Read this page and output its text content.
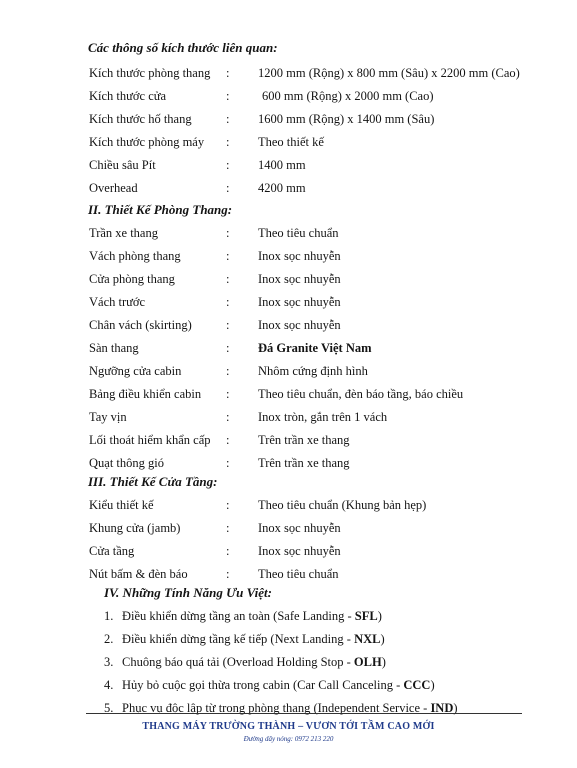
Các thông số kích thước liên quan:
Kích thước phòng thang : 1200 mm (Rộng) x 800 mm (Sâu) x 2200 mm (Cao)
Kích thước cửa	:	600 mm (Rộng) x 2000 mm (Cao)
Kích thước hố thang	: 1600 mm (Rộng) x 1400 mm (Sâu)
Kích thước phòng máy : Theo thiết kế
Chiều sâu Pít	: 1400 mm
Overhead	: 4200 mm
II. Thiết Kế Phòng Thang:
Trần xe thang	: Theo tiêu chuẩn
Vách phòng thang	: Inox sọc nhuyễn
Cửa phòng thang	: Inox sọc nhuyễn
Vách trước	: Inox sọc nhuyễn
Chân vách (skirting)	: Inox sọc nhuyễn
Sàn thang	: Đá Granite Việt Nam
Ngưỡng cửa cabin	: Nhôm cứng định hình
Bảng điều khiển cabin : Theo tiêu chuẩn, đèn báo tầng, báo chiều
Tay vịn	: Inox tròn, gắn trên 1 vách
Lối thoát hiểm khẩn cấp : Trên trần xe thang
Quạt thông gió	: Trên trần xe thang
III. Thiết Kế Cửa Tầng:
Kiểu thiết kế	: Theo tiêu chuẩn (Khung bản hẹp)
Khung cửa (jamb)	: Inox sọc nhuyễn
Cửa tầng	: Inox sọc nhuyễn
Nút bấm & đèn báo	: Theo tiêu chuẩn
IV. Những Tính Năng Ưu Việt:
1. Điều khiển dừng tầng an toàn (Safe Landing - SFL)
2. Điều khiển dừng tầng kế tiếp (Next Landing - NXL)
3. Chuông báo quá tải (Overload Holding Stop - OLH)
4. Hủy bỏ cuộc gọi thừa trong cabin (Car Call Canceling - CCC)
5. Phục vụ độc lập từ trong phòng thang (Independent Service - IND)
THANG MÁY TRƯỜNG THÀNH – VƯƠN TỚI TẦM CAO MỚI
Đường dây nóng: 0972 213 220
